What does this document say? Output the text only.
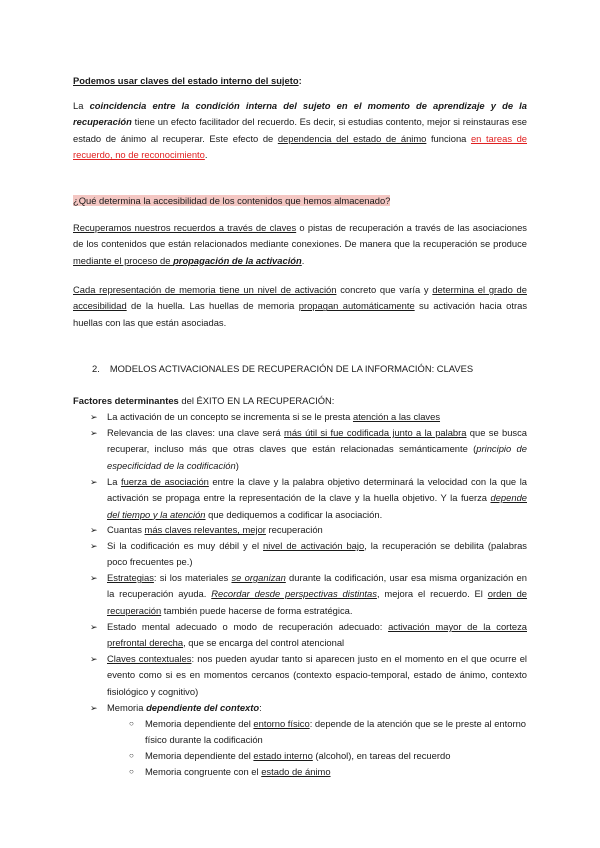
Podemos usar claves del estado interno del sujeto:

La coincidencia entre la condición interna del sujeto en el momento de aprendizaje y de la recuperación tiene un efecto facilitador del recuerdo. Es decir, si estudias contento, mejor si reinstauras ese estado de ánimo al recuperar. Este efecto de dependencia del estado de ánimo funciona en tareas de recuerdo, no de reconocimiento.

¿Qué determina la accesibilidad de los contenidos que hemos almacenado?

Recuperamos nuestros recuerdos a través de claves o pistas de recuperación a través de las asociaciones de los contenidos que están relacionados mediante conexiones. De manera que la recuperación se produce mediante el proceso de propagación de la activación.

Cada representación de memoria tiene un nivel de activación concreto que varía y determina el grado de accesibilidad de la huella. Las huellas de memoria propagan automáticamente su activación hacia otras huellas con las que están asociadas.

2. MODELOS ACTIVACIONALES DE RECUPERACIÓN DE LA INFORMACIÓN: CLAVES

Factores determinantes del ÉXITO EN LA RECUPERACIÓN:

➢ La activación de un concepto se incrementa si se le presta atención a las claves
➢ Relevancia de las claves: una clave será más útil si fue codificada junto a la palabra que se busca recuperar, incluso más que otras claves que están relacionadas semánticamente (principio de especificidad de la codificación)
➢ La fuerza de asociación entre la clave y la palabra objetivo determinará la velocidad con la que la activación se propaga entre la representación de la clave y la huella objetivo. Y la fuerza depende del tiempo y la atención que dediquemos a codificar la asociación.
➢ Cuantas más claves relevantes, mejor recuperación
➢ Si la codificación es muy débil y el nivel de activación bajo, la recuperación se debilita (palabras poco frecuentes pe.)
➢ Estrategias: si los materiales se organizan durante la codificación, usar esa misma organización en la recuperación ayuda. Recordar desde perspectivas distintas, mejora el recuerdo. El orden de recuperación también puede hacerse de forma estratégica.
➢ Estado mental adecuado o modo de recuperación adecuado: activación mayor de la corteza prefrontal derecha, que se encarga del control atencional
➢ Claves contextuales: nos pueden ayudar tanto si aparecen justo en el momento en el que ocurre el evento como si es en momentos cercanos (contexto espacio-temporal, estado de ánimo, contexto fisiológico y cognitivo)
➢ Memoria dependiente del contexto:
○ Memoria dependiente del entorno físico: depende de la atención que se le preste al entorno físico durante la codificación
○ Memoria dependiente del estado interno (alcohol), en tareas del recuerdo
○ Memoria congruente con el estado de ánimo
